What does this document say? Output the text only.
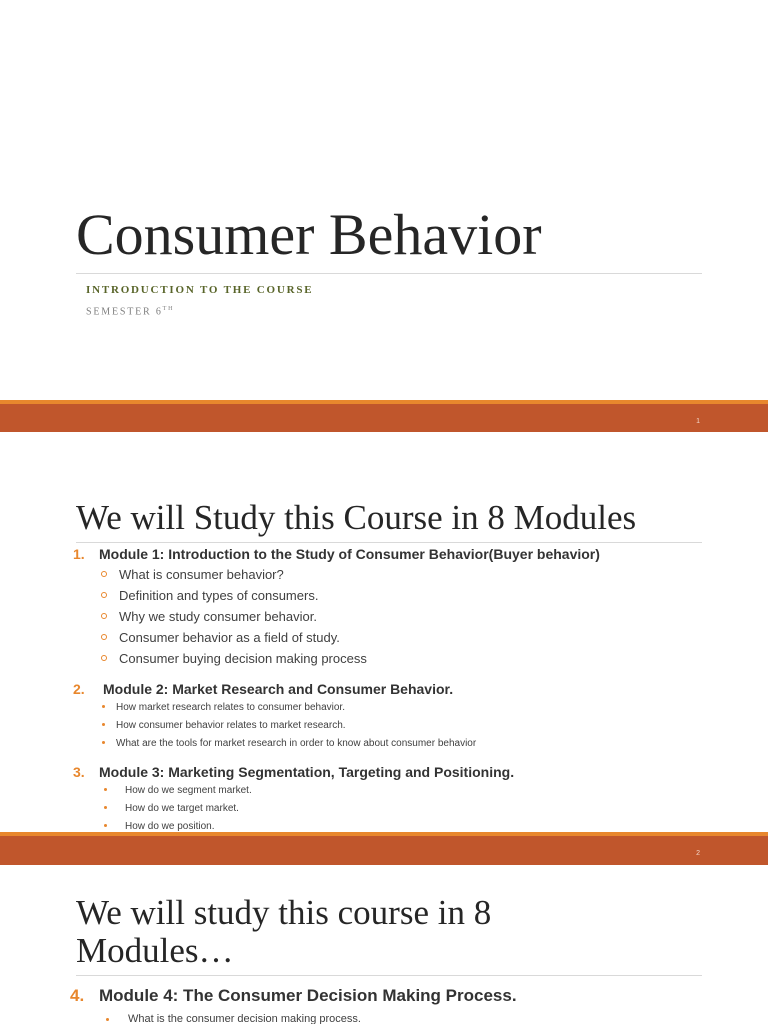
Consumer Behavior
INTRODUCTION TO THE COURSE
SEMESTER 6TH
1
We will Study this Course in 8 Modules
1. Module 1: Introduction to the Study of Consumer Behavior(Buyer behavior)
What is consumer behavior?
Definition and types of consumers.
Why we study consumer behavior.
Consumer behavior as a field of study.
Consumer buying decision making process
2. Module 2: Market Research and Consumer Behavior.
How market research relates to consumer behavior.
How consumer behavior relates to market research.
What are the tools for market research in order to know about consumer behavior
3. Module 3: Marketing Segmentation, Targeting and Positioning.
How do we segment market.
How do we target market.
How do we position.
2
We will study this course in 8
Modules…
4. Module 4: The Consumer Decision Making Process.
What is the consumer decision making process.
